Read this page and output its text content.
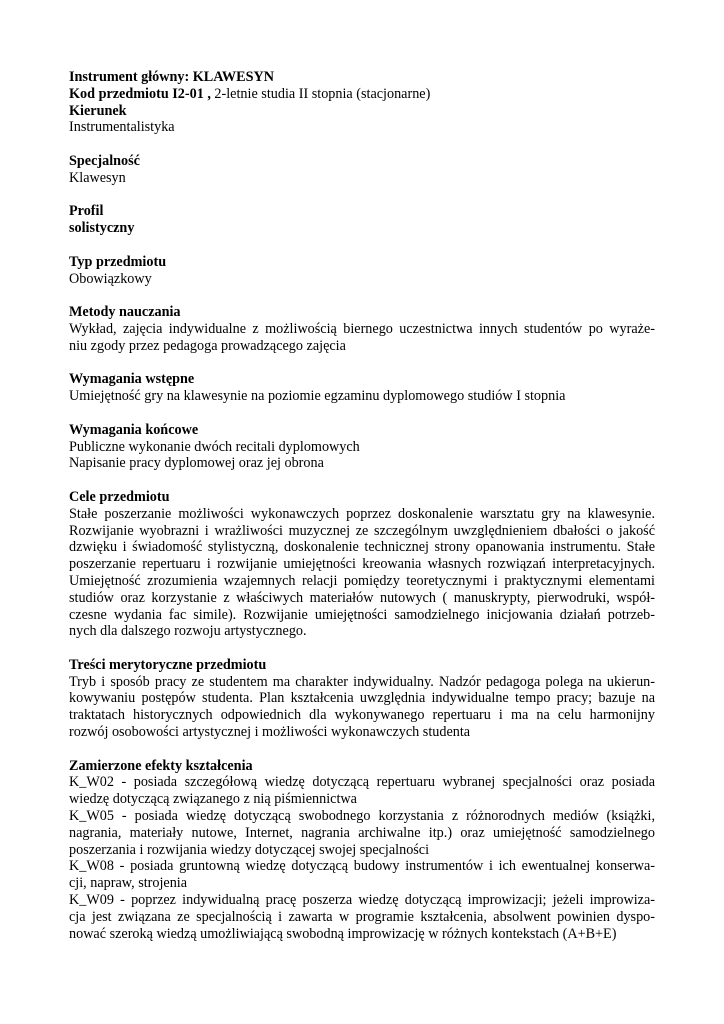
Instrument główny: KLAWESYN
Kod przedmiotu I2-01 , 2-letnie studia II stopnia (stacjonarne)
Kierunek
Instrumentalistyka
Specjalność
Klawesyn
Profil
solistyczny
Typ przedmiotu
Obowiązkowy
Metody nauczania
Wykład, zajęcia indywidualne z możliwością biernego uczestnictwa innych studentów po wyraże-
niu zgody przez pedagoga prowadzącego zajęcia
Wymagania wstępne
Umiejętność gry na klawesynie na poziomie egzaminu dyplomowego studiów I stopnia
Wymagania końcowe
Publiczne wykonanie dwóch recitali dyplomowych
Napisanie pracy dyplomowej oraz jej obrona
Cele przedmiotu
Stałe poszerzanie możliwości wykonawczych poprzez doskonalenie warsztatu gry na klawesynie.
Rozwijanie wyobrazni i wrażliwości muzycznej ze szczególnym uwzględnieniem dbałości o jakość
dzwięku i świadomość stylistyczną, doskonalenie technicznej strony opanowania instrumentu. Stałe
poszerzanie repertuaru i rozwijanie umiejętności kreowania własnych rozwiązań interpretacyjnych.
Umiejętność zrozumienia wzajemnych relacji pomiędzy teoretycznymi i praktycznymi elementami
studiów oraz korzystanie z właściwych materiałów nutowych ( manuskrypty, pierwodruki, współ-
czesne wydania fac simile). Rozwijanie umiejętności samodzielnego inicjowania działań potrzeb-
nych dla dalszego rozwoju artystycznego.
Treści merytoryczne przedmiotu
Tryb i sposób pracy ze studentem ma charakter indywidualny. Nadzór pedagoga polega na ukierun-
kowywaniu postępów studenta. Plan kształcenia uwzględnia indywidualne tempo pracy; bazuje na
traktatach historycznych odpowiednich dla wykonywanego repertuaru i ma na celu harmonijny
rozwój osobowości artystycznej i możliwości wykonawczych studenta
Zamierzone efekty kształcenia
K_W02 - posiada szczegółową wiedzę dotyczącą repertuaru wybranej specjalności oraz posiada
wiedzę dotyczącą związanego z nią piśmiennictwa
K_W05 - posiada wiedzę dotyczącą swobodnego korzystania z różnorodnych mediów (książki,
nagrania, materiały nutowe, Internet, nagrania archiwalne itp.) oraz umiejętność samodzielnego
poszerzania i rozwijania wiedzy dotyczącej swojej specjalności
K_W08 - posiada gruntowną wiedzę dotyczącą budowy instrumentów i ich ewentualnej konserwa-
cji, napraw, strojenia
K_W09 - poprzez indywidualną pracę poszerza wiedzę dotyczącą improwizacji; jeżeli improwiza-
cja jest związana ze specjalnością i zawarta w programie kształcenia, absolwent powinien dyspo-
nować szeroką wiedzą umożliwiającą swobodną improwizację w różnych kontekstach (A+B+E)
